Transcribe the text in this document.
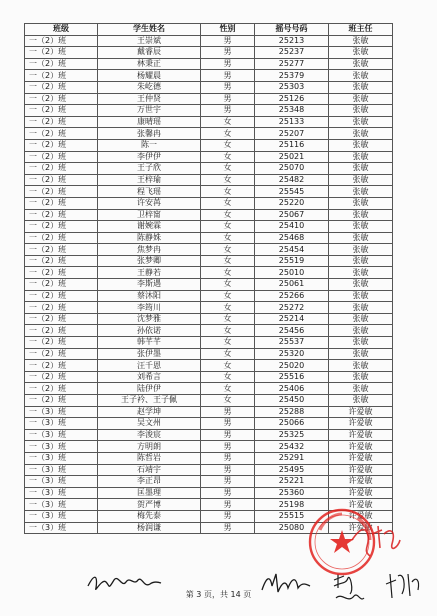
班级	学生姓名	性别	摇号号码	班主任
一（2）班	王崇斌	男	25213	张敏
一（2）班	戴睿辰	男	25237	张敏
一（2）班	林秉正	男	25277	张敏
一（2）班	杨耀晨	男	25379	张敏
一（2）班	朱屹德	男	25303	张敏
一（2）班	王仲贤	男	25126	张敏
一（2）班	万世宇	男	25348	张敏
一（2）班	康晴瑶	女	25133	张敏
一（2）班	张馨冉	女	25207	张敏
一（2）班	陈一	女	25116	张敏
一（2）班	李伊伊	女	25021	张敏
一（2）班	王子欣	女	25070	张敏
一（2）班	王梓瑜	女	25482	张敏
一（2）班	程飞瑶	女	25545	张敏
一（2）班	许安苒	女	25220	张敏
一（2）班	卫梓甯	女	25067	张敏
一（2）班	谢婉霖	女	25410	张敏
一（2）班	陈静姝	女	25468	张敏
一（2）班	焦梦冉	女	25454	张敏
一（2）班	张梦卿	女	25519	张敏
一（2）班	王静若	女	25010	张敏
一（2）班	李斯遇	女	25061	张敏
一（2）班	蔡沐阳	女	25266	张敏
一（2）班	李筠川	女	25272	张敏
一（2）班	沈梦雅	女	25214	张敏
一（2）班	孙依诺	女	25456	张敏
一（2）班	韩芊芊	女	25537	张敏
一（2）班	张伊墨	女	25320	张敏
一（2）班	汪千恩	女	25020	张敏
一（2）班	刘希言	女	25516	张敏
一（2）班	陆伊伊	女	25406	张敏
一（2）班	王子衿、王子佩	女	25450	张敏
一（3）班	赵学坤	男	25288	许爱敏
一（3）班	吴文州	男	25066	许爱敏
一（3）班	李浚宸	男	25325	许爱敏
一（3）班	方明朗	男	25432	许爱敏
一（3）班	陈哲岩	男	25291	许爱敏
一（3）班	石靖宇	男	25495	许爱敏
一（3）班	李正昂	男	25221	许爱敏
一（3）班	匡墨理	男	25360	许爱敏
一（3）班	贺严博	男	25198	许爱敏
一（3）班	梅先泰	男	25515	许爱敏
一（3）班	杨润谦	男	25080	许爱敏
第 3 页，共 14 页
